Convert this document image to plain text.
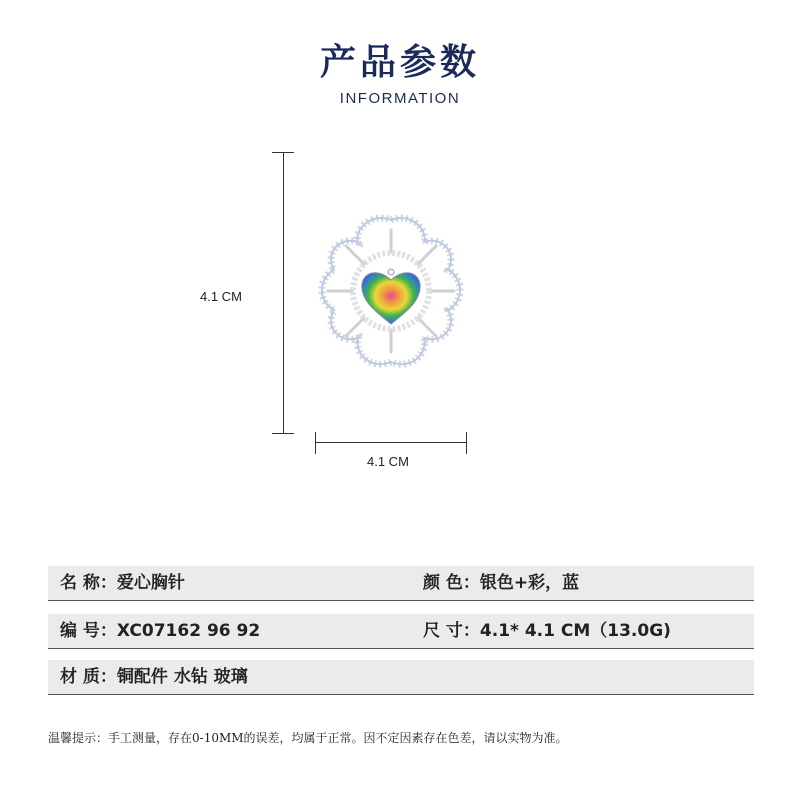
产品参数
INFORMATION
4.1 CM
4.1 CM
名 称：爱心胸针	颜 色：银色+彩，蓝
编 号：XC07162 96 92	尺 寸：4.1* 4.1 CM（13.0G)
材 质：铜配件 水钻 玻璃
温馨提示：手工测量，存在0-10MM的误差，均属于正常。因不定因素存在色差，请以实物为准。
